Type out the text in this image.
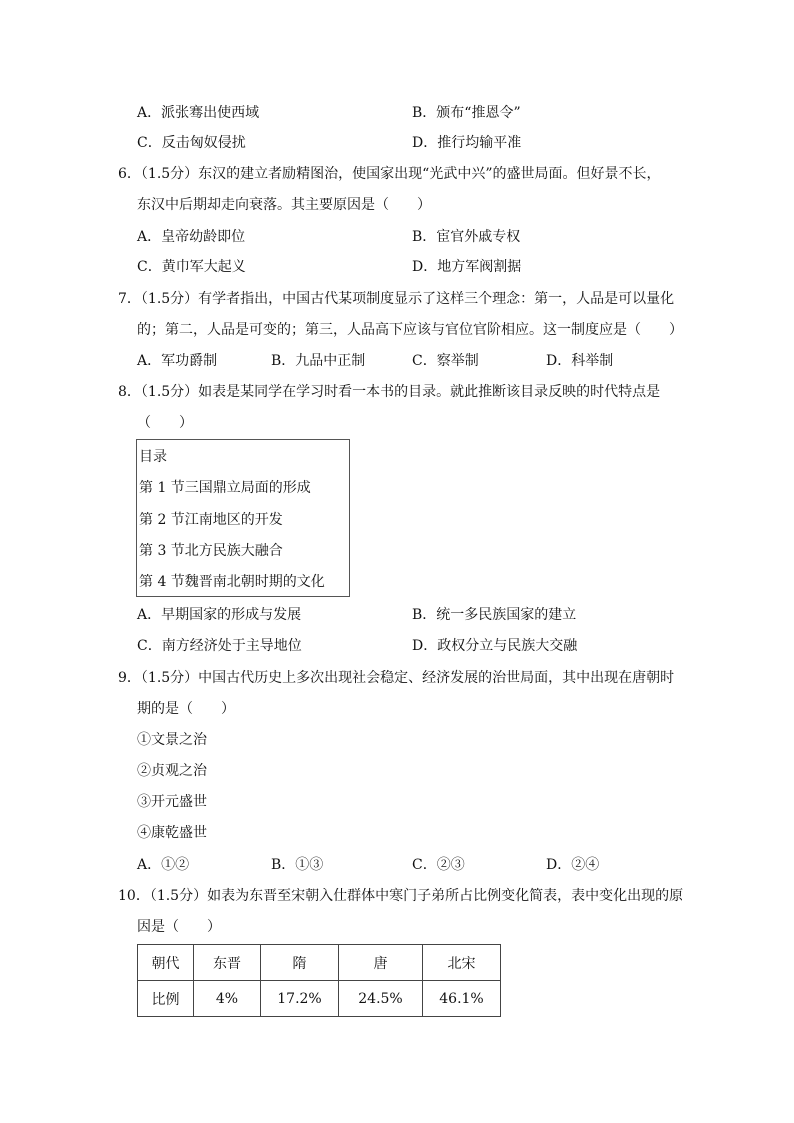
A．派张骞出使西域	B．颁布“推恩令”
C．反击匈奴侵扰	D．推行均输平准
6．（1.5分）东汉的建立者励精图治，使国家出现“光武中兴”的盛世局面。但好景不长，
东汉中后期却走向衰落。其主要原因是（　　）
A．皇帝幼龄即位	B．宦官外戚专权
C．黄巾军大起义	D．地方军阀割据
7．（1.5分）有学者指出，中国古代某项制度显示了这样三个理念：第一，人品是可以量化
的；第二，人品是可变的；第三，人品高下应该与官位官阶相应。这一制度应是（　　）
A．军功爵制	B．九品中正制	C．察举制	D．科举制
8．（1.5分）如表是某同学在学习时看一本书的目录。就此推断该目录反映的时代特点是
（　　）
目录
第 1 节三国鼎立局面的形成
第 2 节江南地区的开发
第 3 节北方民族大融合
第 4 节魏晋南北朝时期的文化
A．早期国家的形成与发展	B．统一多民族国家的建立
C．南方经济处于主导地位	D．政权分立与民族大交融
9．（1.5分）中国古代历史上多次出现社会稳定、经济发展的治世局面，其中出现在唐朝时
期的是（　　）
①文景之治
②贞观之治
③开元盛世
④康乾盛世
A．①②	B．①③	C．②③	D．②④
10．（1.5分）如表为东晋至宋朝入仕群体中寒门子弟所占比例变化简表，表中变化出现的原
因是（　　）
朝代	东晋	隋	唐	北宋
比例	4%	17.2%	24.5%	46.1%
